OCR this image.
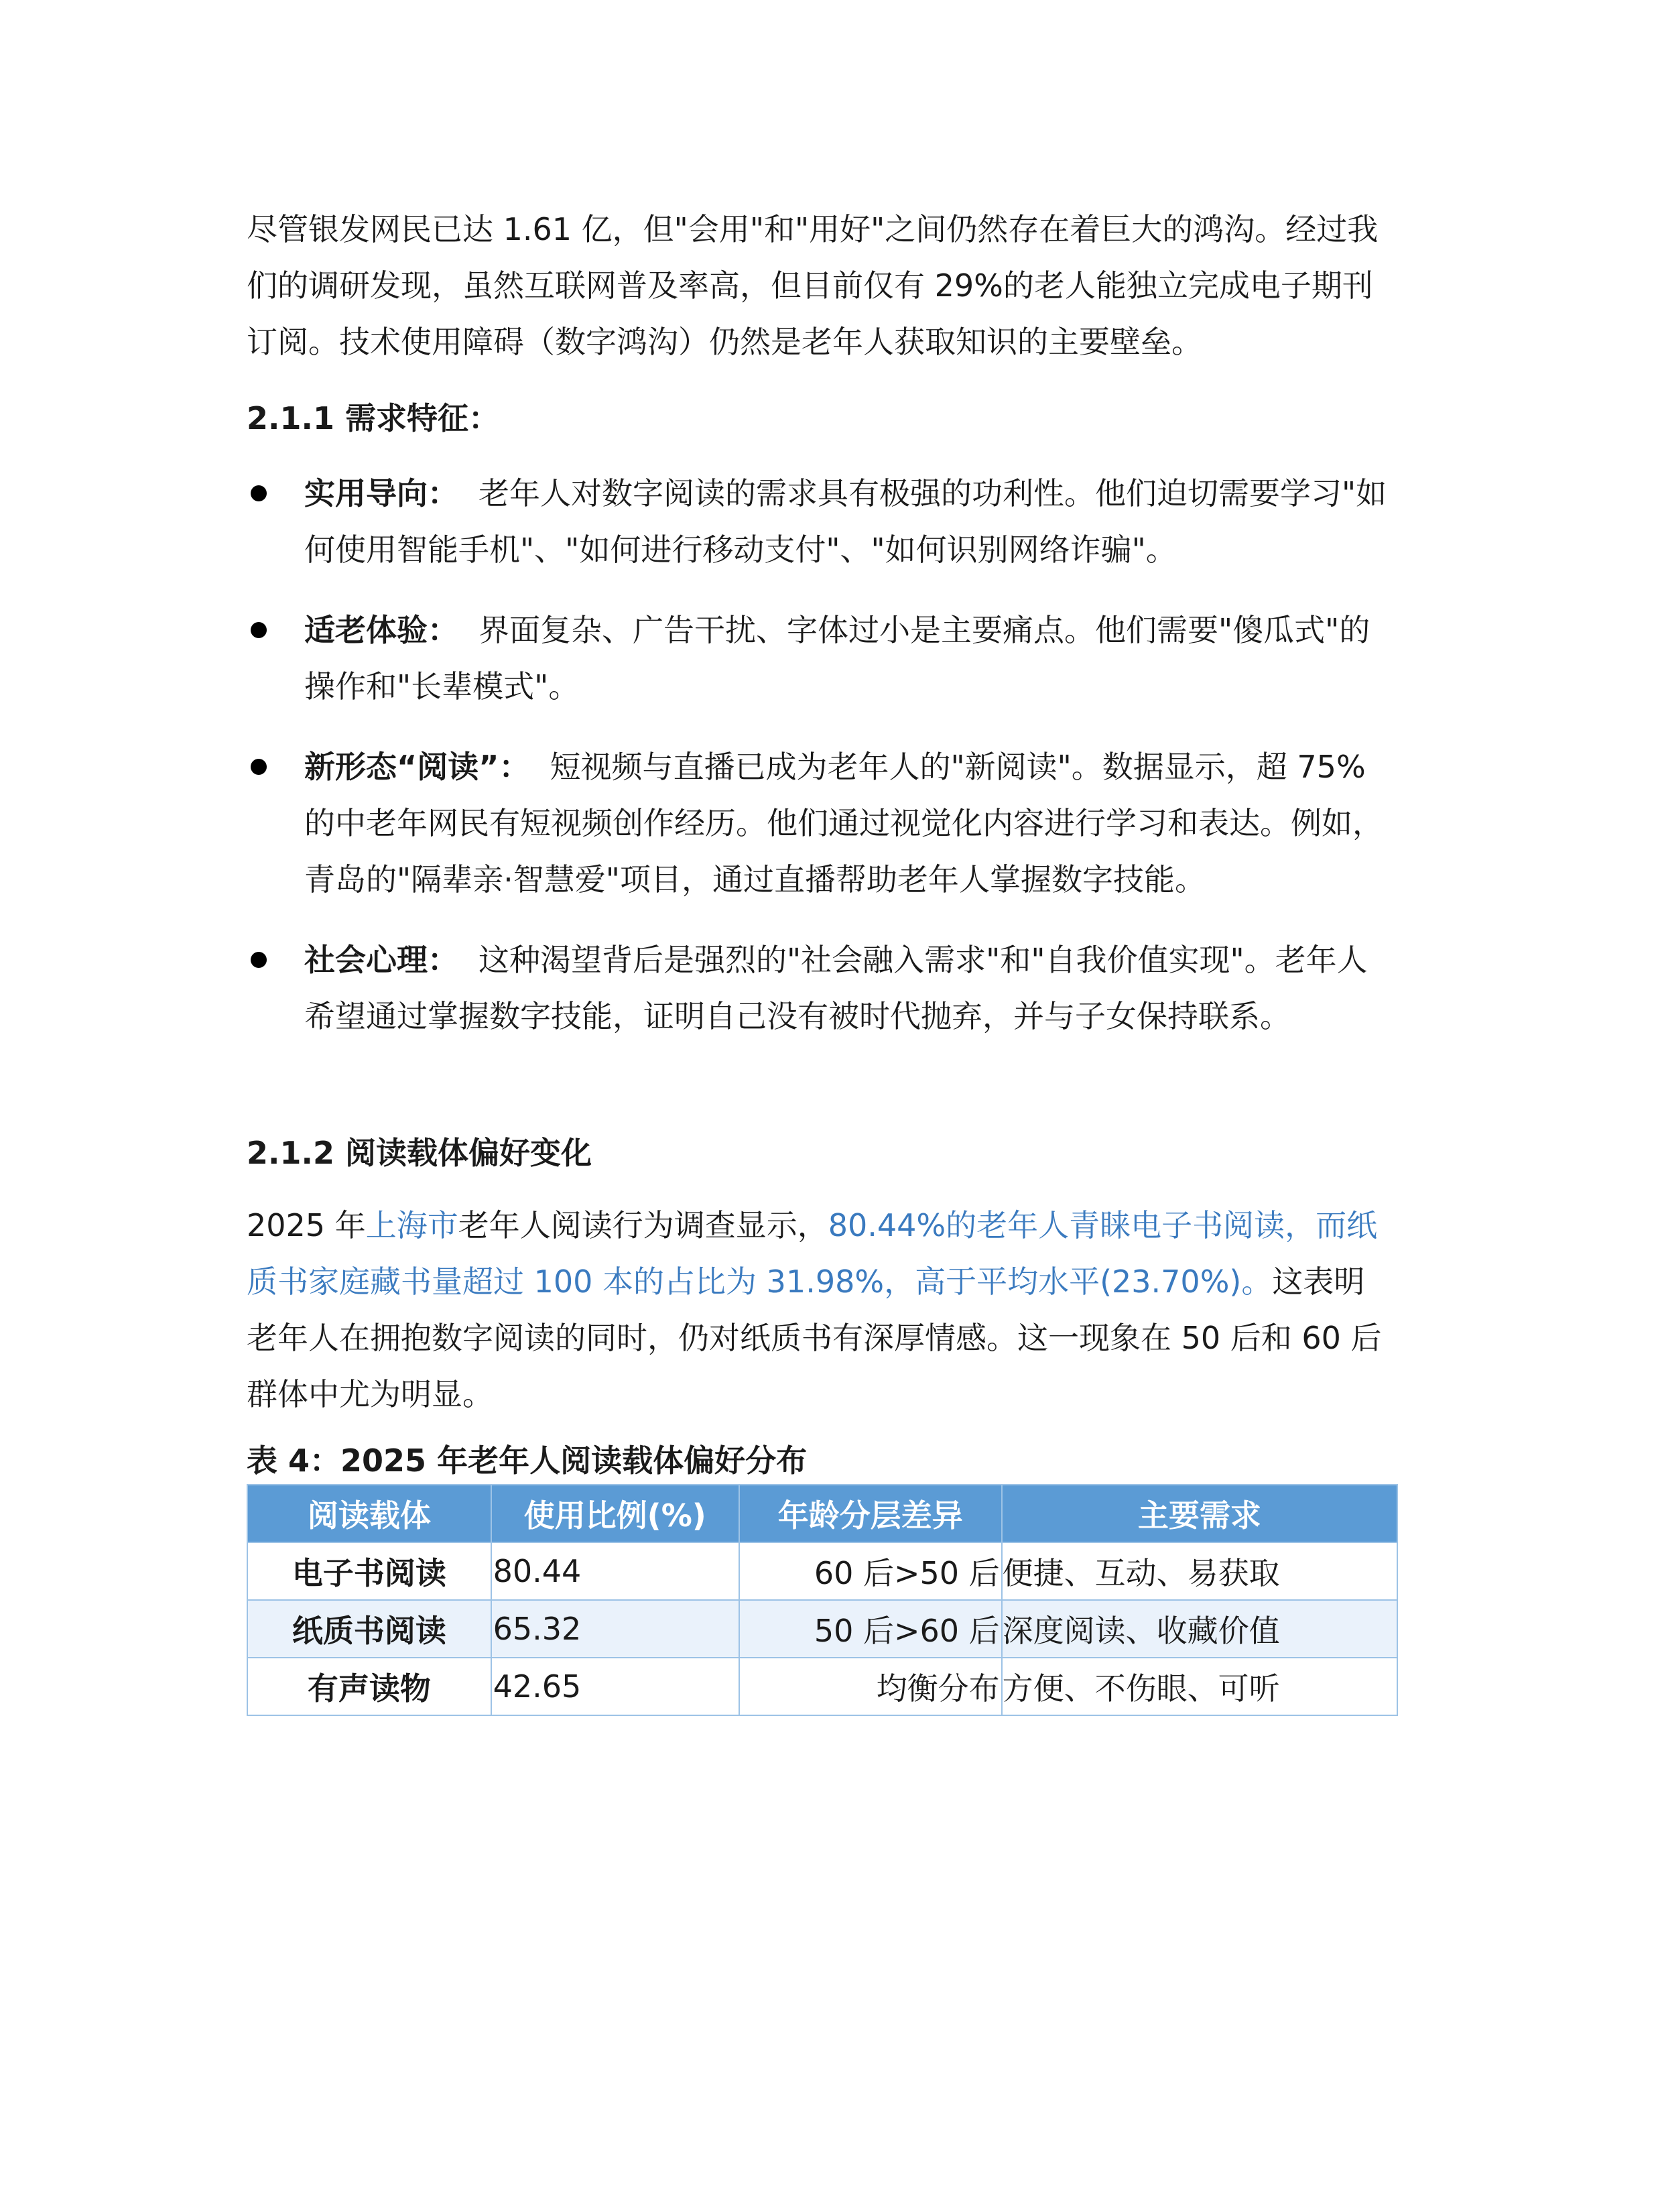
尽管银发网民已达 1.61 亿，但"会用"和"用好"之间仍然存在着巨大的鸿沟。经过我们的调研发现，虽然互联网普及率高，但目前仅有 29%的老人能独立完成电子期刊订阅。技术使用障碍（数字鸿沟）仍然是老年人获取知识的主要壁垒。

2.1.1 需求特征：

实用导向： 老年人对数字阅读的需求具有极强的功利性。他们迫切需要学习"如何使用智能手机"、"如何进行移动支付"、"如何识别网络诈骗"。
适老体验： 界面复杂、广告干扰、字体过小是主要痛点。他们需要"傻瓜式"的操作和"长辈模式"。
新形态“阅读”： 短视频与直播已成为老年人的"新阅读"。数据显示，超 75%的中老年网民有短视频创作经历。他们通过视觉化内容进行学习和表达。例如，青岛的"隔辈亲·智慧爱"项目，通过直播帮助老年人掌握数字技能。
社会心理： 这种渴望背后是强烈的"社会融入需求"和"自我价值实现"。老年人希望通过掌握数字技能，证明自己没有被时代抛弃，并与子女保持联系。

2.1.2 阅读载体偏好变化

2025 年上海市老年人阅读行为调查显示，80.44%的老年人青睐电子书阅读，而纸质书家庭藏书量超过 100 本的占比为 31.98%，高于平均水平(23.70%)。这表明老年人在拥抱数字阅读的同时，仍对纸质书有深厚情感。这一现象在 50 后和 60 后群体中尤为明显。

表 4：2025 年老年人阅读载体偏好分布

阅读载体	使用比例(%)	年龄分层差异	主要需求
电子书阅读	80.44	60 后>50 后	便捷、互动、易获取
纸质书阅读	65.32	50 后>60 后	深度阅读、收藏价值
有声读物	42.65	均衡分布	方便、不伤眼、可听
